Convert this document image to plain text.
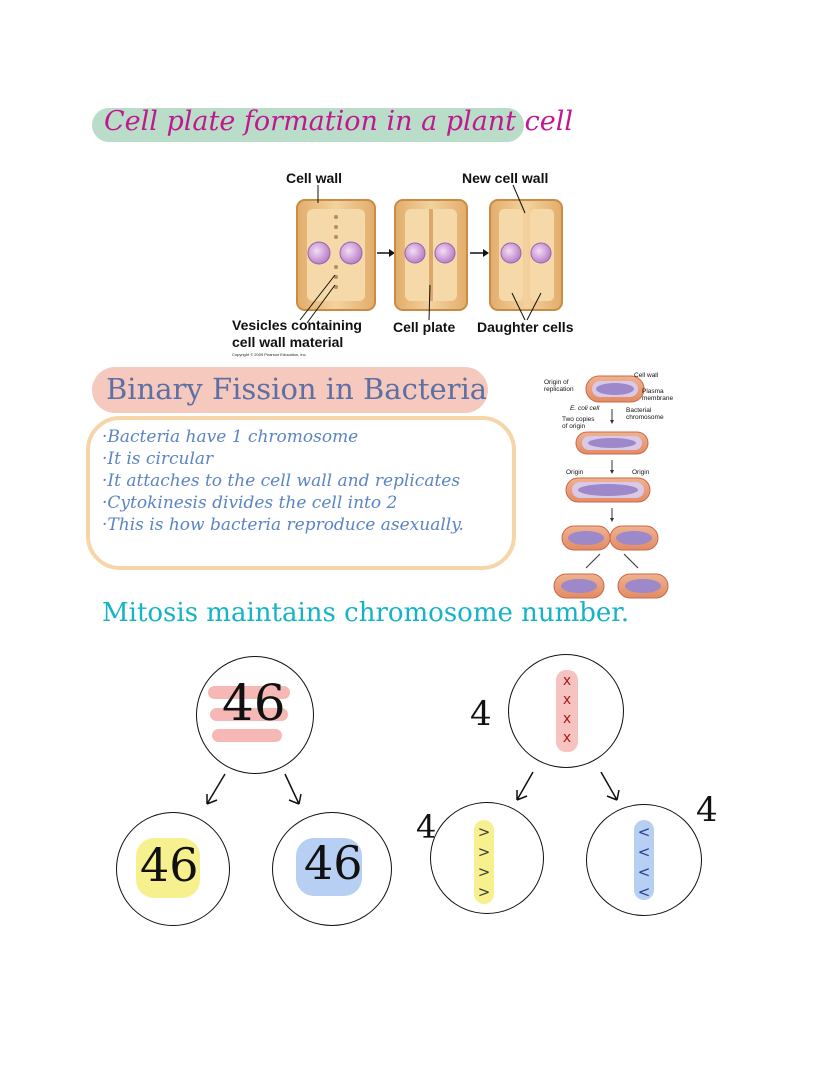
Cell plate formation in a plant cell
Cell wall	New cell wall
Vesicles containing
cell wall material
Cell plate Daughter cells
Copyright © 2009 Pearson Education, Inc.
Binary Fission in Bacteria
·Bacteria have 1 chromosome
·It is circular
·It attaches to the cell wall and replicates
·Cytokinesis divides the cell into 2
·This is how bacteria reproduce asexually.
Origin of
replication
E. coli cell
Two copies
of origin
Cell wall
Plasma
membrane
Bacterial
chromosome
Origin	Origin
Mitosis maintains chromosome number.
46
46 46
4
x x x x
4	> > > >
< < < <
4
